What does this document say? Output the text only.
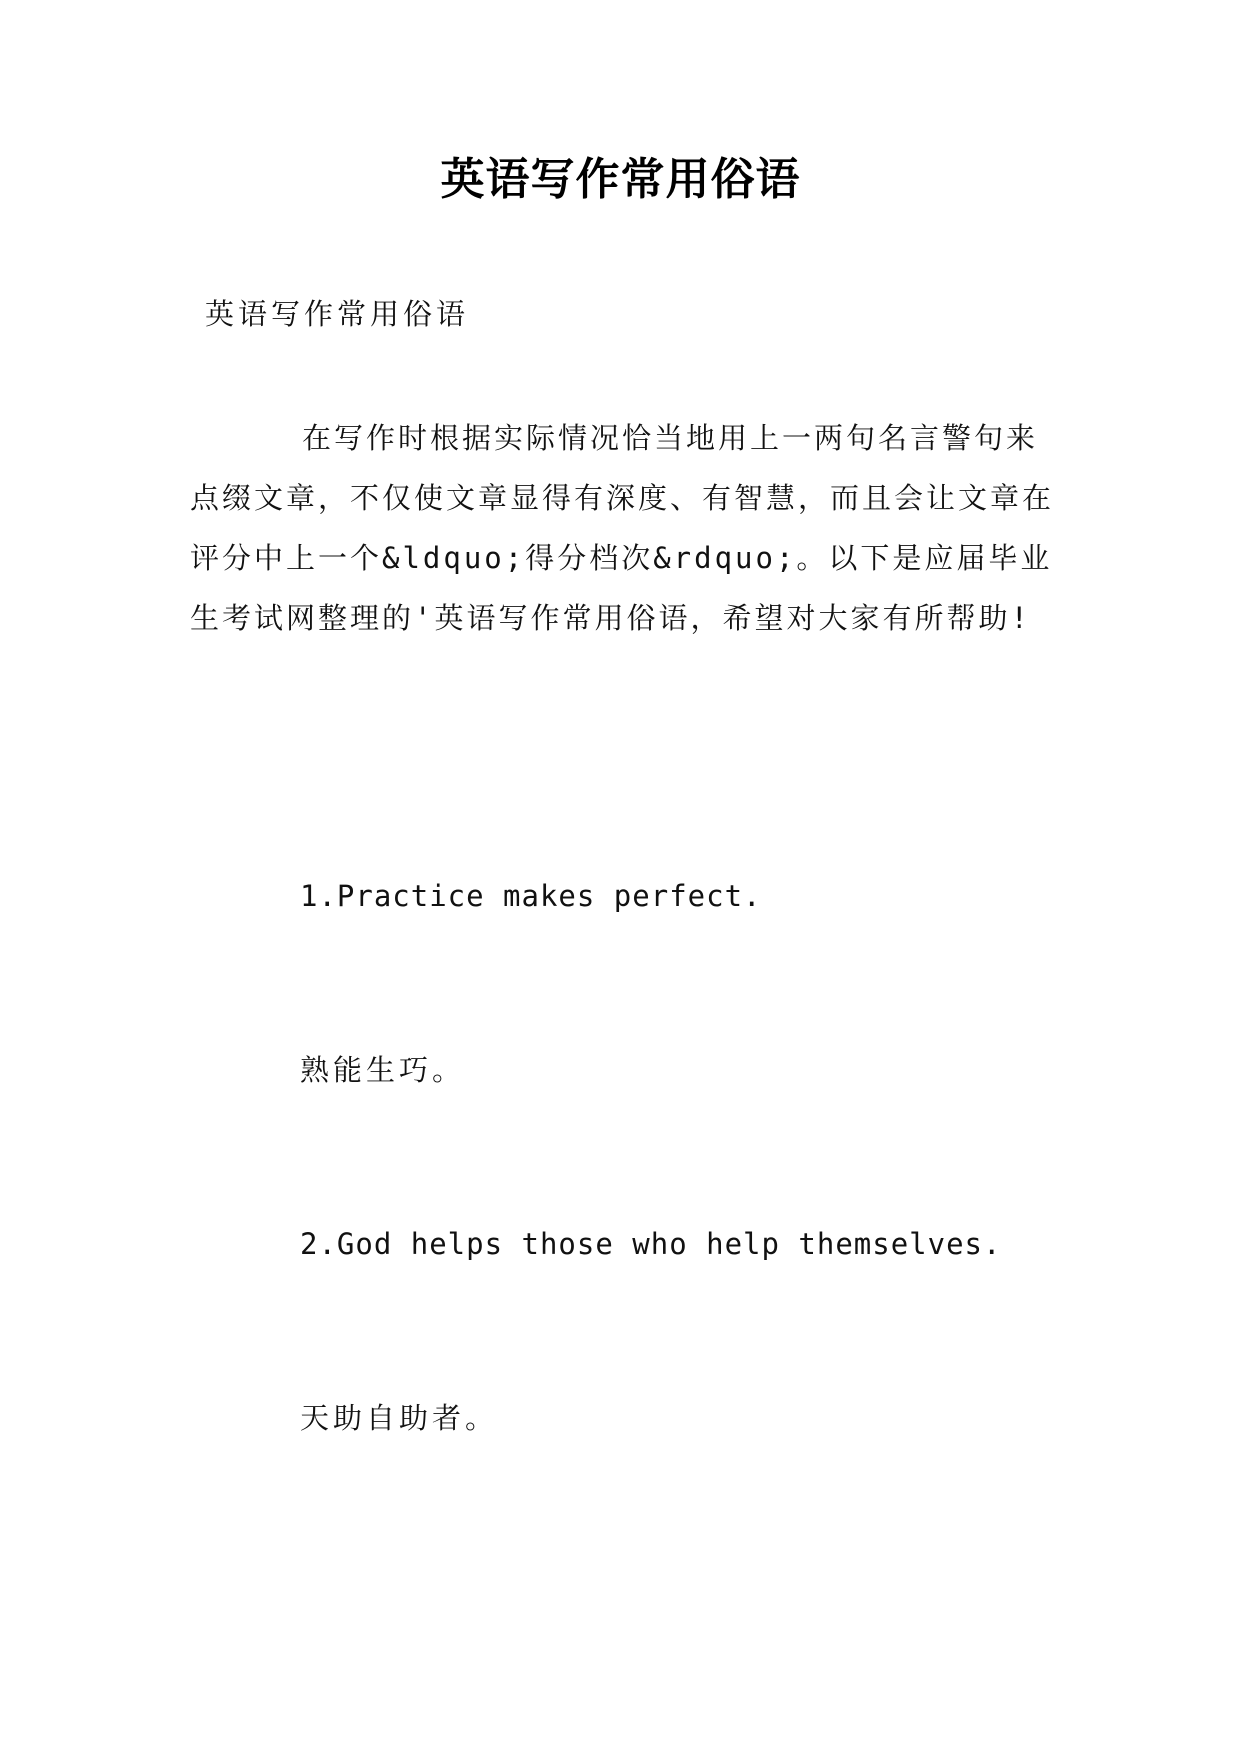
英语写作常用俗语

英语写作常用俗语

在写作时根据实际情况恰当地用上一两句名言警句来点缀文章，不仅使文章显得有深度、有智慧，而且会让文章在评分中上一个&ldquo;得分档次&rdquo;。以下是应届毕业生考试网整理的'英语写作常用俗语，希望对大家有所帮助!

1.Practice makes perfect.

熟能生巧。

2.God helps those who help themselves.

天助自助者。
